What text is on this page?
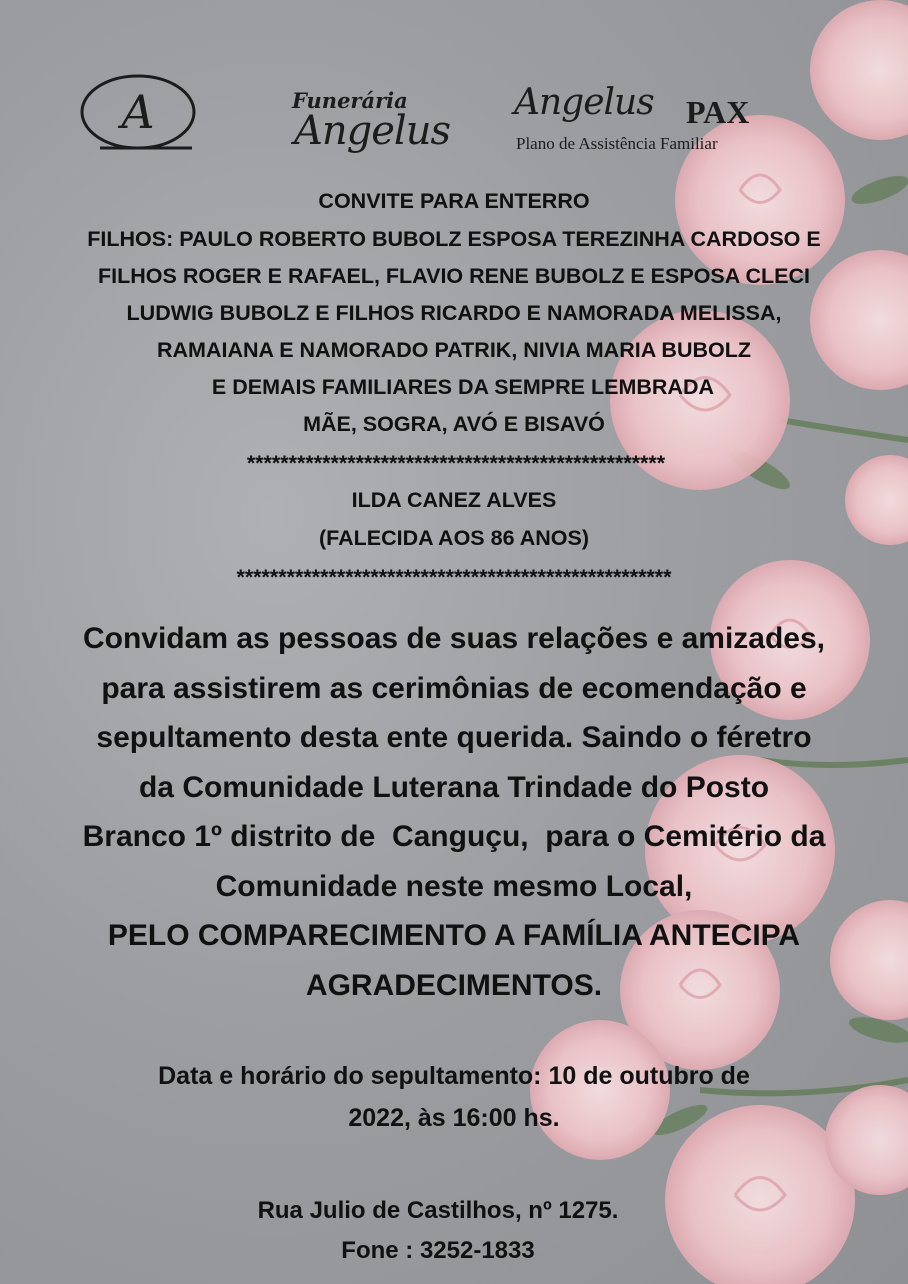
A	Funerária
Angelus
Angelus PAX
Plano de Assistência Familiar
CONVITE PARA ENTERRO
FILHOS: PAULO ROBERTO BUBOLZ ESPOSA TEREZINHA CARDOSO E
FILHOS ROGER E RAFAEL, FLAVIO RENE BUBOLZ E ESPOSA CLECI
LUDWIG BUBOLZ E FILHOS RICARDO E NAMORADA MELISSA,
RAMAIANA E NAMORADO PATRIK, NIVIA MARIA BUBOLZ
E DEMAIS FAMILIARES DA SEMPRE LEMBRADA
MÃE, SOGRA, AVÓ E BISAVÓ
**************************************************
ILDA CANEZ ALVES
(FALECIDA AOS 86 ANOS)
****************************************************
Convidam as pessoas de suas relações e amizades,
para assistirem as cerimônias de ecomendação e
sepultamento desta ente querida. Saindo o féretro
da Comunidade Luterana Trindade do Posto
Branco 1º distrito de  Canguçu,  para o Cemitério da
Comunidade neste mesmo Local,
PELO COMPARECIMENTO A FAMÍLIA ANTECIPA
AGRADECIMENTOS.
Data e horário do sepultamento: 10 de outubro de
2022, às 16:00 hs.
Rua Julio de Castilhos, nº 1275.
Fone : 3252-1833
